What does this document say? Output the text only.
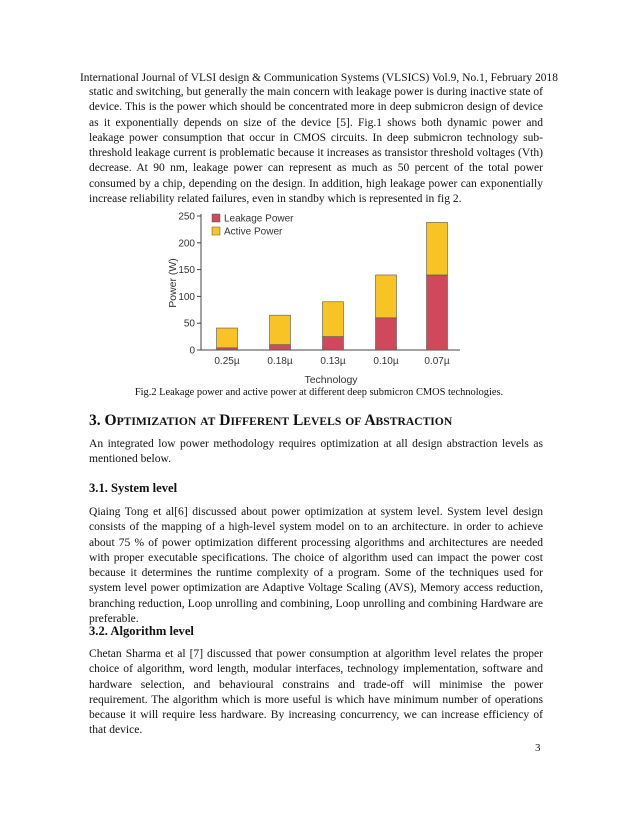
International Journal of VLSI design & Communication Systems (VLSICS) Vol.9, No.1, February 2018

static and switching, but generally the main concern with leakage power is during inactive state of device. This is the power which should be concentrated more in deep submicron design of device as it exponentially depends on size of the device [5]. Fig.1 shows both dynamic power and leakage power consumption that occur in CMOS circuits. In deep submicron technology sub-threshold leakage current is problematic because it increases as transistor threshold voltages (Vth) decrease. At 90 nm, leakage power can represent as much as 50 percent of the total power consumed by a chip, depending on the design. In addition, high leakage power can exponentially increase reliability related failures, even in standby which is represented in fig 2.

0
50
100
150
200
250
Power (W)
Technology
0.25µ	0.18µ	0.13µ	0.10µ	0.07µ
Leakage Power
Active Power
Fig.2 Leakage power and active power at different deep submicron CMOS technologies.
3. OPTIMIZATION AT DIFFERENT LEVELS OF ABSTRACTION

An integrated low power methodology requires optimization at all design abstraction levels as mentioned below.

3.1. System level

Qiaing Tong et al[6] discussed about power optimization at system level. System level design consists of the mapping of a high-level system model on to an architecture. in order to achieve about 75 % of power optimization different processing algorithms and architectures are needed with proper executable specifications. The choice of algorithm used can impact the power cost because it determines the runtime complexity of a program. Some of the techniques used for system level power optimization are Adaptive Voltage Scaling (AVS), Memory access reduction, branching reduction, Loop unrolling and combining, Loop unrolling and combining Hardware are preferable.

3.2. Algorithm level

Chetan Sharma et al [7] discussed that power consumption at algorithm level relates the proper choice of algorithm, word length, modular interfaces, technology implementation, software and hardware selection, and behavioural constrains and trade-off will minimise the power requirement. The algorithm which is more useful is which have minimum number of operations because it will require less hardware. By increasing concurrency, we can increase efficiency of that device.

3
